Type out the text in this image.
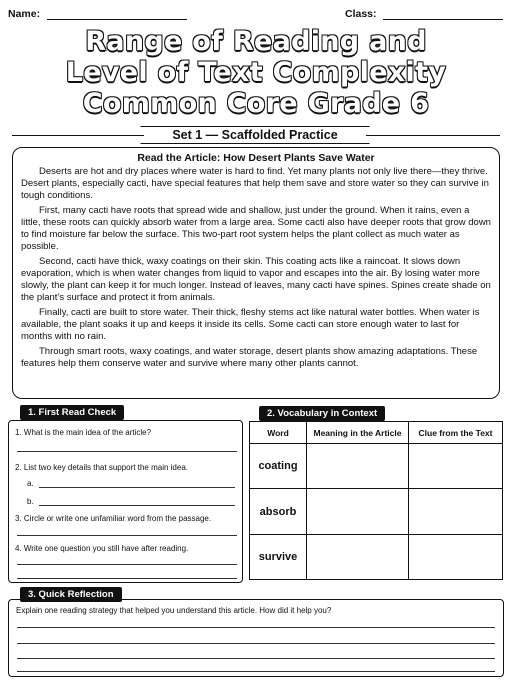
Name:	Class:
Range of Reading and
Level of Text Complexity
Common Core Grade 6
Set 1 — Scaffolded Practice
Read the Article: How Desert Plants Save Water

Deserts are hot and dry places where water is hard to find. Yet many plants not only live there—they thrive. Desert plants, especially cacti, have special features that help them save and store water so they can survive in tough conditions.

First, many cacti have roots that spread wide and shallow, just under the ground. When it rains, even a little, these roots can quickly absorb water from a large area. Some cacti also have deeper roots that grow down to find moisture far below the surface. This two-part root system helps the plant collect as much water as possible.

Second, cacti have thick, waxy coatings on their skin. This coating acts like a raincoat. It slows down evaporation, which is when water changes from liquid to vapor and escapes into the air. By losing water more slowly, the plant can keep it for much longer. Instead of leaves, many cacti have spines. Spines create shade on the plant’s surface and protect it from animals.

Finally, cacti are built to store water. Their thick, fleshy stems act like natural water bottles. When water is available, the plant soaks it up and keeps it inside its cells. Some cacti can store enough water to last for months with no rain.

Through smart roots, waxy coatings, and water storage, desert plants show amazing adaptations. These features help them conserve water and survive where many other plants cannot.

1. First Read Check
1. What is the main idea of the article?
2. List two key details that support the main idea.
a.
b.
3. Circle or write one unfamiliar word from the passage.
4. Write one question you still have after reading.
2. Vocabulary in Context
Word	Meaning in the Article	Clue from the Text
coating		
absorb		
survive		
3. Quick Reflection
Explain one reading strategy that helped you understand this article. How did it help you?
